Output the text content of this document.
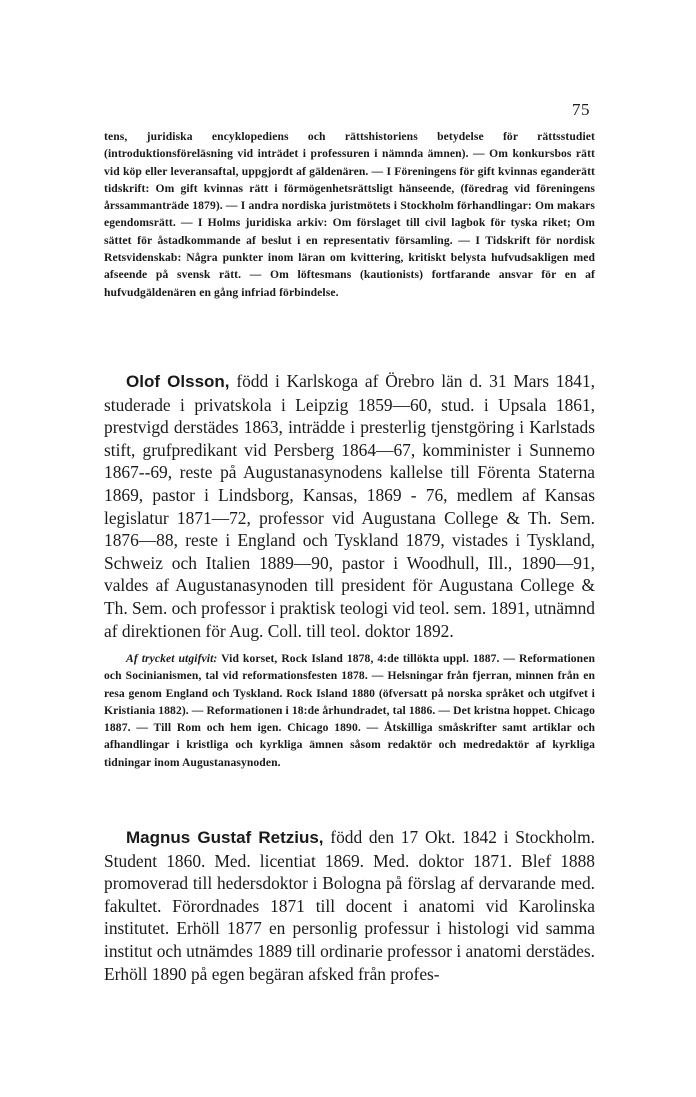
75

tens, juridiska encyklopediens och rättshistoriens betydelse för rättsstudiet (introduktionsföreläsning vid inträdet i professuren i nämnda ämnen). — Om konkursbos rätt vid köp eller leveransaftal, uppgjordt af gäldenären. — I Föreningens för gift kvinnas eganderätt tidskrift: Om gift kvinnas rätt i förmögenhetsrättsligt hänseende, (föredrag vid föreningens årssammanträde 1879). — I andra nordiska juristmötets i Stockholm förhandlingar: Om makars egendomsrätt. — I Holms juridiska arkiv: Om förslaget till civil lagbok för tyska riket; Om sättet för åstadkommande af beslut i en representativ församling. — I Tidskrift för nordisk Retsvidenskab: Några punkter inom läran om kvittering, kritiskt belysta hufvudsakligen med afseende på svensk rätt. — Om löftesmans (kautionists) fortfarande ansvar för en af hufvudgäldenären en gång infriad förbindelse.

Olof Olsson, född i Karlskoga af Örebro län d. 31 Mars 1841, studerade i privatskola i Leipzig 1859—60, stud. i Upsala 1861, prestvigd derstädes 1863, inträdde i presterlig tjenstgöring i Karlstads stift, grufpredikant vid Persberg 1864—67, komminister i Sunnemo 1867--69, reste på Augustanasynodens kallelse till Förenta Staterna 1869, pastor i Lindsborg, Kansas, 1869 - 76, medlem af Kansas legislatur 1871—72, professor vid Augustana College & Th. Sem. 1876—88, reste i England och Tyskland 1879, vistades i Tyskland, Schweiz och Italien 1889—90, pastor i Woodhull, Ill., 1890—91, valdes af Augustanasynoden till president för Augustana College & Th. Sem. och professor i praktisk teologi vid teol. sem. 1891, utnämnd af direktionen för Aug. Coll. till teol. doktor 1892.

Af trycket utgifvit: Vid korset, Rock Island 1878, 4:de tillökta uppl. 1887. — Reformationen och Socinianismen, tal vid reformationsfesten 1878. — Helsningar från fjerran, minnen från en resa genom England och Tyskland. Rock Island 1880 (öfversatt på norska språket och utgifvet i Kristiania 1882). — Reformationen i 18:de århundradet, tal 1886. — Det kristna hoppet. Chicago 1887. — Till Rom och hem igen. Chicago 1890. — Åtskilliga småskrifter samt artiklar och afhandlingar i kristliga och kyrkliga ämnen såsom redaktör och medredaktör af kyrkliga tidningar inom Augustanasynoden.

Magnus Gustaf Retzius, född den 17 Okt. 1842 i Stockholm. Student 1860. Med. licentiat 1869. Med. doktor 1871. Blef 1888 promoverad till hedersdoktor i Bologna på förslag af dervarande med. fakultet. Förordnades 1871 till docent i anatomi vid Karolinska institutet. Erhöll 1877 en personlig professur i histologi vid samma institut och utnämdes 1889 till ordinarie professor i anatomi derstädes. Erhöll 1890 på egen begäran afsked från profes-
